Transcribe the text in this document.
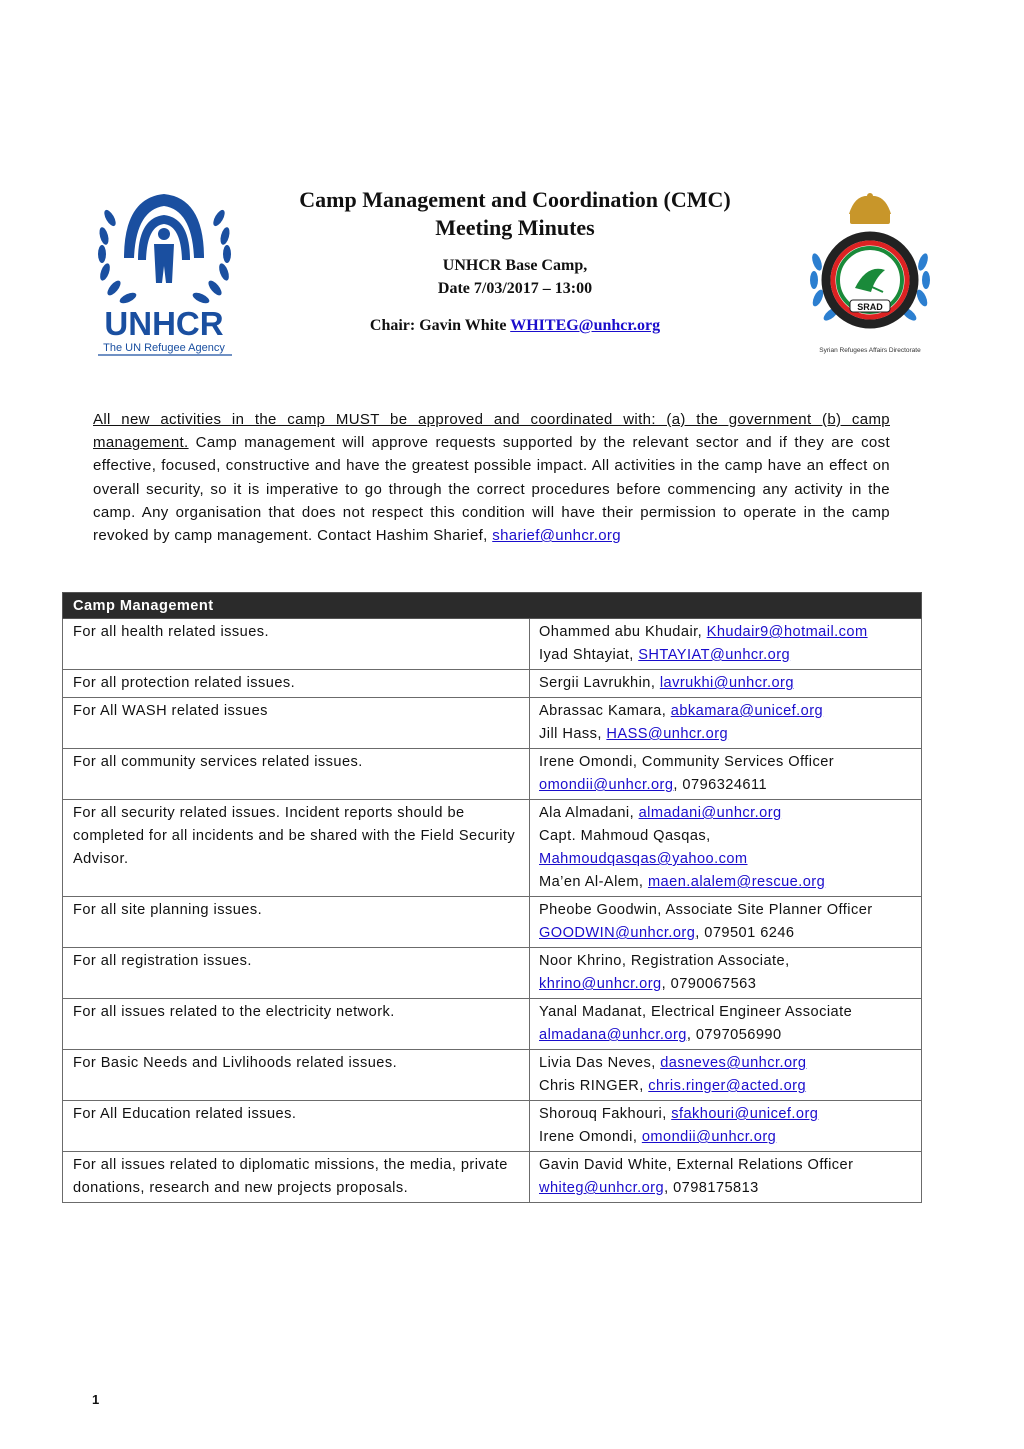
UNHCR
The UN Refugee Agency
SRAD
Syrian Refugees Affairs Directorate
Camp Management and Coordination (CMC)
Meeting Minutes
UNHCR Base Camp,
Date 7/03/2017 – 13:00
Chair: Gavin White WHITEG@unhcr.org
All new activities in the camp MUST be approved and coordinated with: (a) the government (b) camp management. Camp management will approve requests supported by the relevant sector and if they are cost effective, focused, constructive and have the greatest possible impact. All activities in the camp have an effect on overall security, so it is imperative to go through the correct procedures before commencing any activity in the camp. Any organisation that does not respect this condition will have their permission to operate in the camp revoked by camp management. Contact Hashim Sharief, sharief@unhcr.org
Camp Management	
For all health related issues.	Ohammed abu Khudair, Khudair9@hotmail.com
Iyad Shtayiat, SHTAYIAT@unhcr.org

For all protection related issues.	Sergii Lavrukhin, lavrukhi@unhcr.org

For All WASH related issues	Abrassac Kamara, abkamara@unicef.org
Jill Hass, HASS@unhcr.org

For all community services related issues.	Irene Omondi, Community Services Officer
omondii@unhcr.org, 0796324611

For all security related issues. Incident reports should be completed for all incidents and be shared with the Field Security Advisor.	Ala Almadani, almadani@unhcr.org
Capt. Mahmoud Qasqas,
Mahmoudqasqas@yahoo.com
Ma’en Al-Alem, maen.alalem@rescue.org

For all site planning issues.	Pheobe Goodwin, Associate Site Planner Officer
GOODWIN@unhcr.org, 079501 6246

For all registration issues.	Noor Khrino, Registration Associate,
khrino@unhcr.org, 0790067563

For all issues related to the electricity network.	Yanal Madanat, Electrical Engineer Associate
almadana@unhcr.org, 0797056990

For Basic Needs and Livlihoods related issues.	Livia Das Neves, dasneves@unhcr.org
Chris RINGER, chris.ringer@acted.org

For All Education related issues.	Shorouq Fakhouri, sfakhouri@unicef.org
Irene Omondi, omondii@unhcr.org

For all issues related to diplomatic missions, the media, private donations, research and new projects proposals.	Gavin David White, External Relations Officer
whiteg@unhcr.org, 0798175813
1
